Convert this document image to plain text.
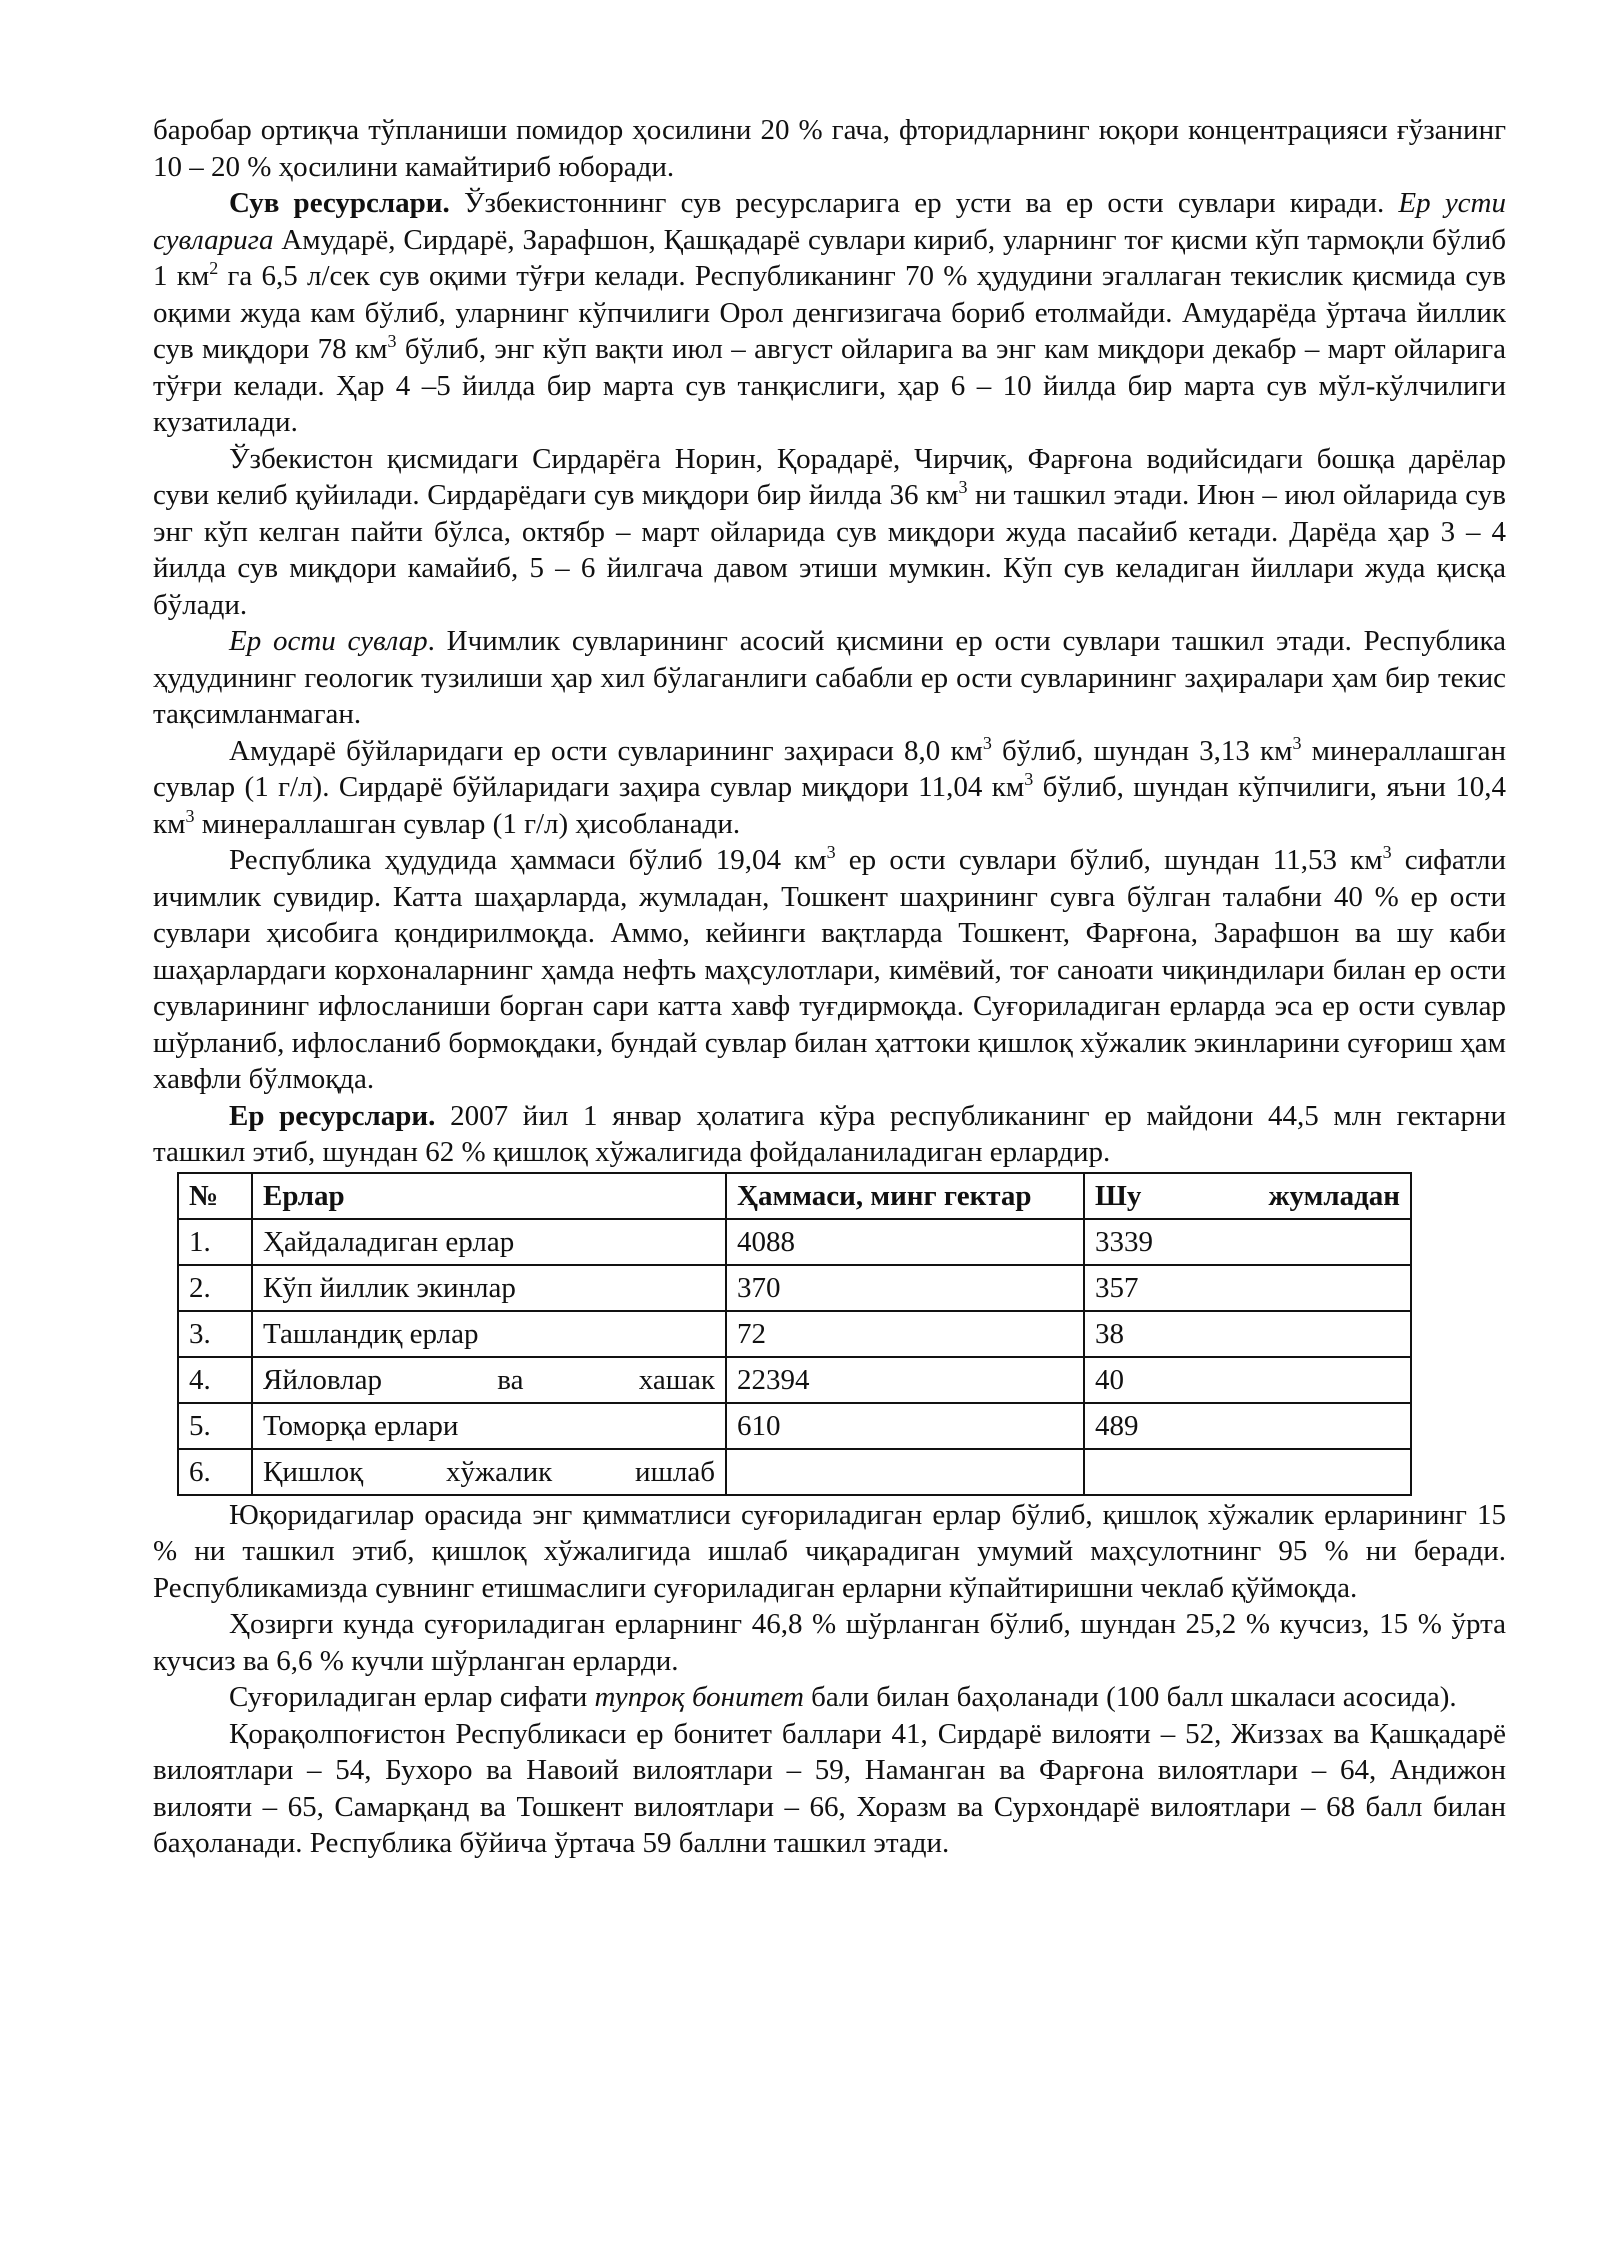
баробар ортиқча тўпланиши помидор ҳосилини 20 % гача, фторидларнинг юқори концентрацияси ғўзанинг 10 – 20 % ҳосилини камайтириб юборади.

Сув ресурслари. Ўзбекистоннинг сув ресурсларига ер усти ва ер ости сувлари киради. Ер усти сувларига Амударё, Сирдарё, Зарафшон, Қашқадарё сувлари кириб, уларнинг тоғ қисми кўп тармоқли бўлиб 1 $км^2$ га 6,5 л/сек сув оқими тўғри келади. Республиканинг 70 % ҳудудини эгаллаган текислик қисмида сув оқими жуда кам бўлиб, уларнинг кўпчилиги Орол денгизигача бориб етолмайди. Амударёда ўртача йиллик сув миқдори 78 $км^3$ бўлиб, энг кўп вақти июл – август ойларига ва энг кам миқдори декабр – март ойларига тўғри келади. Ҳар 4 –5 йилда бир марта сув танқислиги, ҳар 6 – 10 йилда бир марта сув мўл-кўлчилиги кузатилади.

Ўзбекистон қисмидаги Сирдарёга Норин, Қорадарё, Чирчиқ, Фарғона водийсидаги бошқа дарёлар суви келиб қуйилади. Сирдарёдаги сув миқдори бир йилда 36 $км^3$ ни ташкил этади. Июн – июл ойларида сув энг кўп келган пайти бўлса, октябр – март ойларида сув миқдори жуда пасайиб кетади. Дарёда ҳар 3 – 4 йилда сув миқдори камайиб, 5 – 6 йилгача давом этиши мумкин. Кўп сув келадиган йиллари жуда қисқа бўлади.

Ер ости сувлар. Ичимлик сувларининг асосий қисмини ер ости сувлари ташкил этади. Республика ҳудудининг геологик тузилиши ҳар хил бўлаганлиги сабабли ер ости сувларининг заҳиралари ҳам бир текис тақсимланмаган.

Амударё бўйларидаги ер ости сувларининг заҳираси 8,0 $км^3$ бўлиб, шундан 3,13 $км^3$ минераллашган сувлар (1 г/л). Сирдарё бўйларидаги заҳира сувлар миқдори 11,04 $км^3$ бўлиб, шундан кўпчилиги, яъни 10,4 $км^3$ минераллашган сувлар (1 г/л) ҳисобланади.

Республика ҳудудида ҳаммаси бўлиб 19,04 $км^3$ ер ости сувлари бўлиб, шундан 11,53 $км^3$ сифатли ичимлик сувидир. Катта шаҳарларда, жумладан, Тошкент шаҳрининг сувга бўлган талабни 40 % ер ости сувлари ҳисобига қондирилмоқда. Аммо, кейинги вақтларда Тошкент, Фарғона, Зарафшон ва шу каби шаҳарлардаги корхоналарнинг ҳамда нефть маҳсулотлари, кимёвий, тоғ саноати чиқиндилари билан ер ости сувларининг ифлосланиши борган сари катта хавф туғдирмоқда. Суғориладиган ерларда эса ер ости сувлар шўрланиб, ифлосланиб бормоқдаки, бундай сувлар билан ҳаттоки қишлоқ хўжалик экинларини суғориш ҳам хавфли бўлмоқда.

Ер ресурслари. 2007 йил 1 январ ҳолатига кўра республиканинг ер майдони 44,5 млн гектарни ташкил этиб, шундан 62 % қишлоқ хўжалигида фойдаланиладиган ерлардир.

№	Ерлар	Ҳаммаси, минг гектар	Шу жумладан

1.	Ҳайдаладиган ерлар	4088	3339
2.	Кўп йиллик экинлар	370	357
3.	Ташландиқ ерлар	72	38
4.	Яйловлар ва хашак	22394	40
5.	Томорқа ерлари	610	489
6.	Қишлоқ хўжалик ишлаб		

Юқоридагилар орасида энг қимматлиси суғориладиган ерлар бўлиб, қишлоқ хўжалик ерларининг 15 % ни ташкил этиб, қишлоқ хўжалигида ишлаб чиқарадиган умумий маҳсулотнинг 95 % ни беради. Республикамизда сувнинг етишмаслиги суғориладиган ерларни кўпайтиришни чеклаб қўймоқда.

Ҳозирги кунда суғориладиган ерларнинг 46,8 % шўрланган бўлиб, шундан 25,2 % кучсиз, 15 % ўрта кучсиз ва 6,6 % кучли шўрланган ерларди.

Суғориладиган ерлар сифати тупроқ бонитет бали билан баҳоланади (100 балл шкаласи асосида).

Қорақолпоғистон Республикаси ер бонитет баллари 41, Сирдарё вилояти – 52, Жиззах ва Қашқадарё вилоятлари – 54, Бухоро ва Навоий вилоятлари – 59, Наманган ва Фарғона вилоятлари – 64, Андижон вилояти – 65, Самарқанд ва Тошкент вилоятлари – 66, Хоразм ва Сурхондарё вилоятлари – 68 балл билан баҳоланади. Республика бўйича ўртача 59 баллни ташкил этади.
